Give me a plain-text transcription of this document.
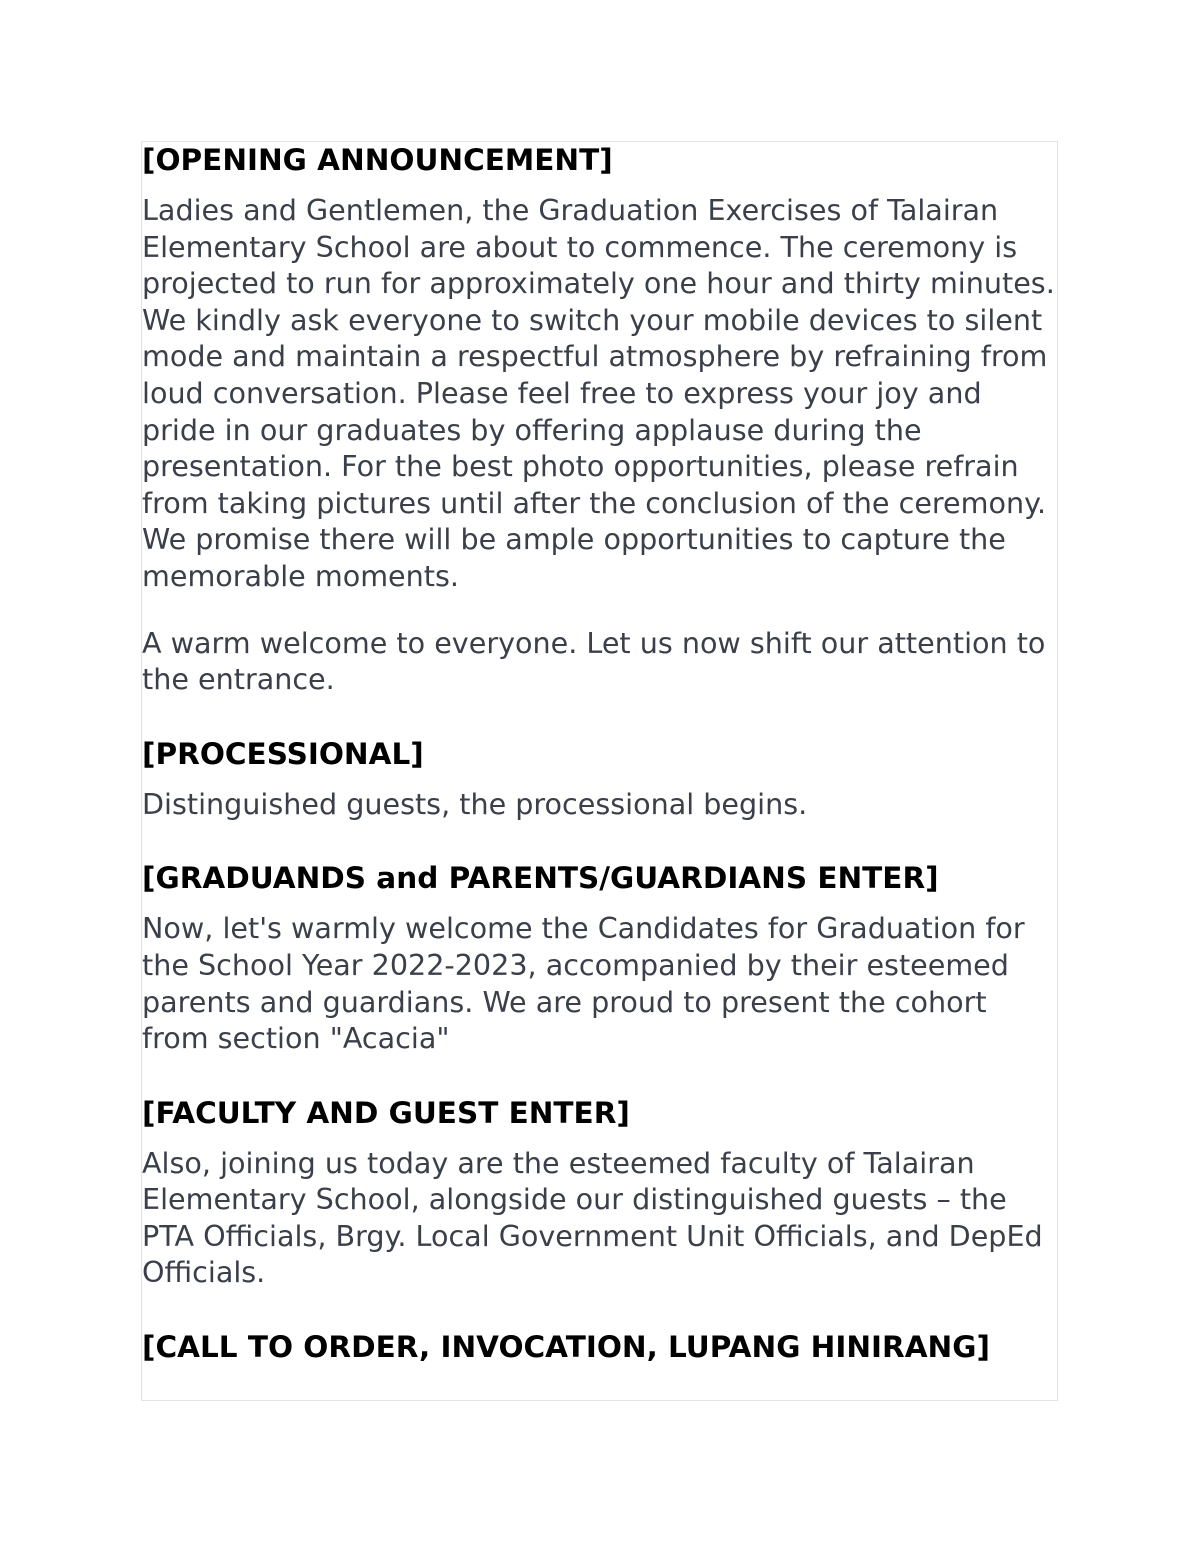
[OPENING ANNOUNCEMENT]

Ladies and Gentlemen, the Graduation Exercises of Talairan Elementary School are about to commence. The ceremony is projected to run for approximately one hour and thirty minutes. We kindly ask everyone to switch your mobile devices to silent mode and maintain a respectful atmosphere by refraining from loud conversation. Please feel free to express your joy and pride in our graduates by offering applause during the presentation. For the best photo opportunities, please refrain from taking pictures until after the conclusion of the ceremony. We promise there will be ample opportunities to capture the memorable moments.

A warm welcome to everyone. Let us now shift our attention to the entrance.

[PROCESSIONAL]

Distinguished guests, the processional begins.

[GRADUANDS and PARENTS/GUARDIANS ENTER]

Now, let's warmly welcome the Candidates for Graduation for the School Year 2022-2023, accompanied by their esteemed parents and guardians. We are proud to present the cohort from section "Acacia"

[FACULTY AND GUEST ENTER]

Also, joining us today are the esteemed faculty of Talairan Elementary School, alongside our distinguished guests – the PTA Officials, Brgy. Local Government Unit Officials, and DepEd Officials.

[CALL TO ORDER, INVOCATION, LUPANG HINIRANG]
